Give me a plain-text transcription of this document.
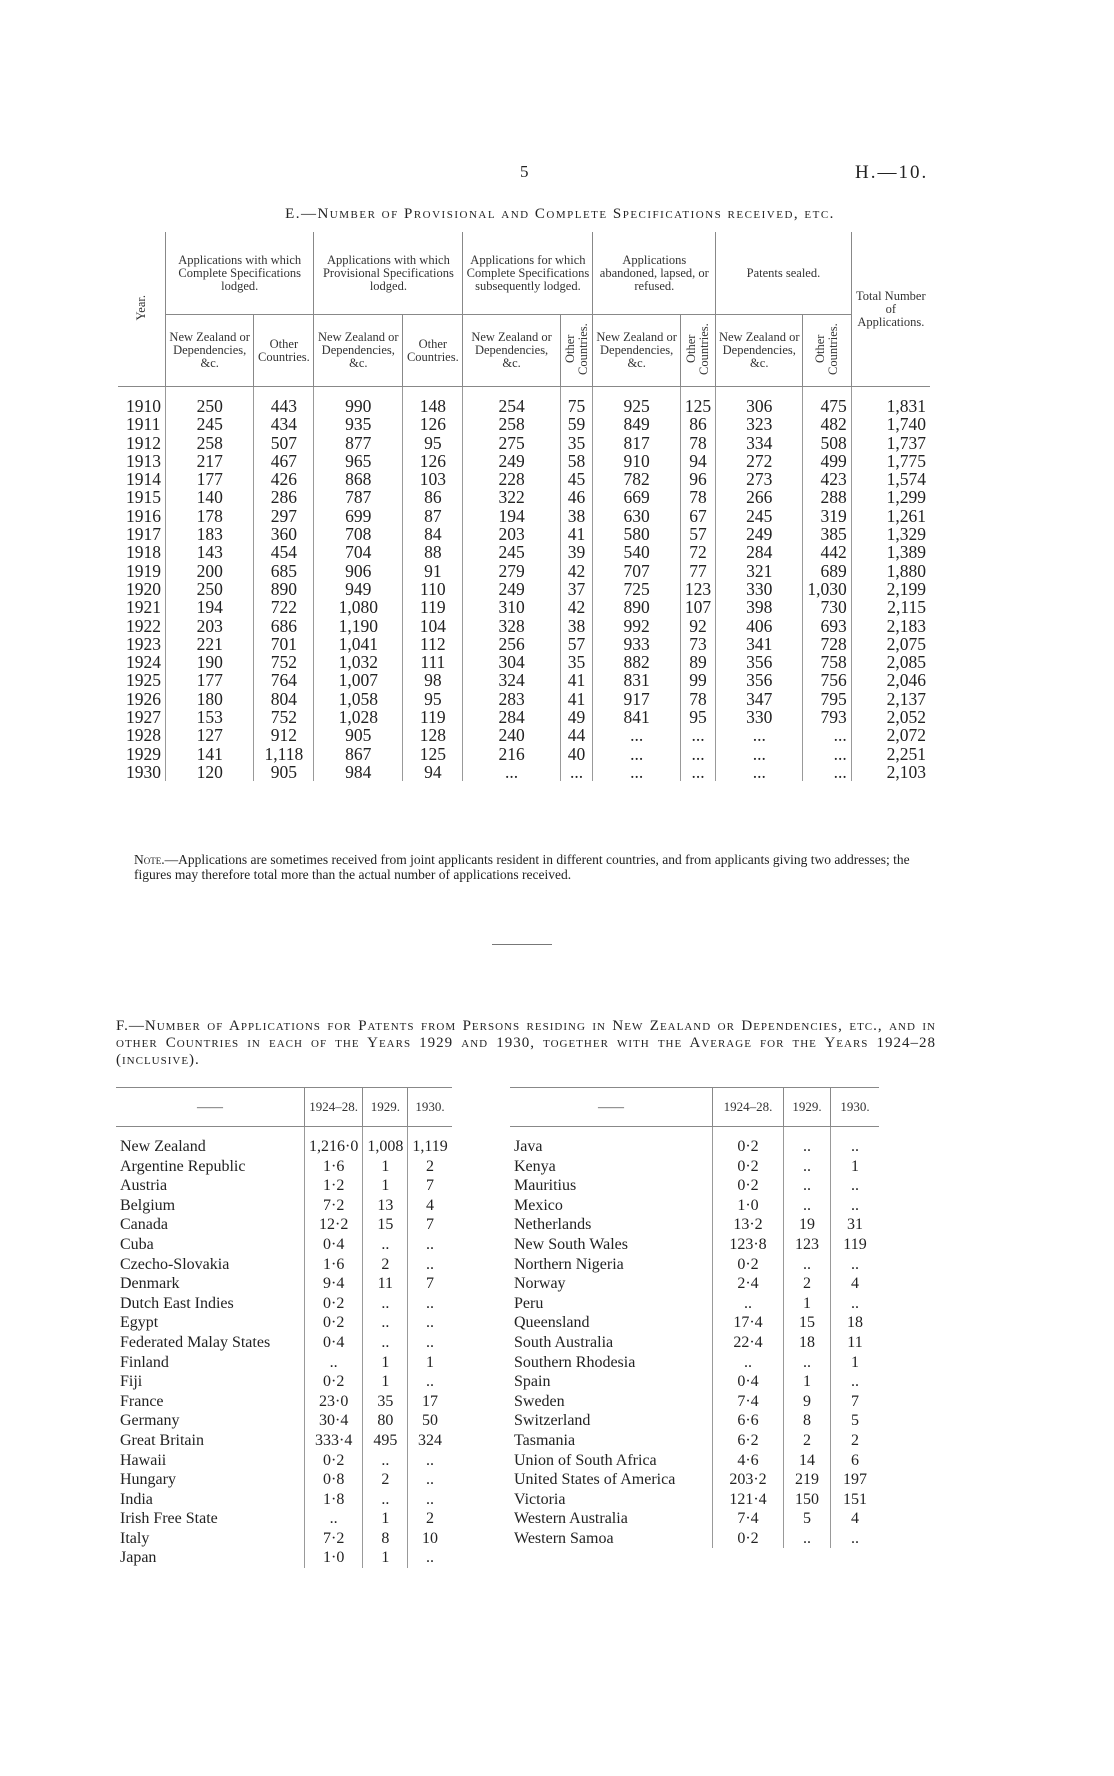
5	H.—10.
E.—Number of Provisional and Complete Specifications received, etc.
Year.	Applications with which Complete Specifications lodged.		Applications with which Provisional Specifications lodged.		Applications for which Complete Specifications subsequently lodged.		Applications abandoned, lapsed, or refused.		Patents sealed.		Total Number of Applications.
	New Zealand or Dependencies, &c.	Other Countries.	New Zealand or Dependencies, &c.	Other Countries.	New Zealand or Dependencies, &c.	Other Countries.	New Zealand or Dependencies, &c.	Other Countries.	New Zealand or Dependencies, &c.	Other Countries.	
1910	250	443	990	148	254	75	925	125	306	475	1,831
1911	245	434	935	126	258	59	849	86	323	482	1,740
1912	258	507	877	95	275	35	817	78	334	508	1,737
1913	217	467	965	126	249	58	910	94	272	499	1,775
1914	177	426	868	103	228	45	782	96	273	423	1,574
1915	140	286	787	86	322	46	669	78	266	288	1,299
1916	178	297	699	87	194	38	630	67	245	319	1,261
1917	183	360	708	84	203	41	580	57	249	385	1,329
1918	143	454	704	88	245	39	540	72	284	442	1,389
1919	200	685	906	91	279	42	707	77	321	689	1,880
1920	250	890	949	110	249	37	725	123	330	1,030	2,199
1921	194	722	1,080	119	310	42	890	107	398	730	2,115
1922	203	686	1,190	104	328	38	992	92	406	693	2,183
1923	221	701	1,041	112	256	57	933	73	341	728	2,075
1924	190	752	1,032	111	304	35	882	89	356	758	2,085
1925	177	764	1,007	98	324	41	831	99	356	756	2,046
1926	180	804	1,058	95	283	41	917	78	347	795	2,137
1927	153	752	1,028	119	284	49	841	95	330	793	2,052
1928	127	912	905	128	240	44	...	...	...	...	2,072
1929	141	1,118	867	125	216	40	...	...	...	...	2,251
1930	120	905	984	94	...	...	...	...	...	...	2,103
Note.—Applications are sometimes received from joint applicants resident in different countries, and from applicants giving two addresses; the figures may therefore total more than the actual number of applications received.
F.—Number of Applications for Patents from Persons residing in New Zealand or Dependencies, etc., and in other Countries in each of the Years 1929 and 1930, together with the Average for the Years 1924–28 (inclusive).
——	1924–28.	1929.	1930.
New Zealand	1,216·0	1,008	1,119
Argentine Republic	1·6	1	2
Austria	1·2	1	7
Belgium	7·2	13	4
Canada	12·2	15	7
Cuba	0·4	..	..
Czecho-Slovakia	1·6	2	..
Denmark	9·4	11	7
Dutch East Indies	0·2	..	..
Egypt	0·2	..	..
Federated Malay States	0·4	..	..
Finland	..	1	1
Fiji	0·2	1	..
France	23·0	35	17
Germany	30·4	80	50
Great Britain	333·4	495	324
Hawaii	0·2	..	..
Hungary	0·8	2	..
India	1·8	..	..
Irish Free State	..	1	2
Italy	7·2	8	10
Japan	1·0	1	..
——	1924–28.	1929.	1930.
Java	0·2	..	..
Kenya	0·2	..	1
Mauritius	0·2	..	..
Mexico	1·0	..	..
Netherlands	13·2	19	31
New South Wales	123·8	123	119
Northern Nigeria	0·2	..	..
Norway	2·4	2	4
Peru	..	1	..
Queensland	17·4	15	18
South Australia	22·4	18	11
Southern Rhodesia	..	..	1
Spain	0·4	1	..
Sweden	7·4	9	7
Switzerland	6·6	8	5
Tasmania	6·2	2	2
Union of South Africa	4·6	14	6
United States of America	203·2	219	197
Victoria	121·4	150	151
Western Australia	7·4	5	4
Western Samoa	0·2	..	..
